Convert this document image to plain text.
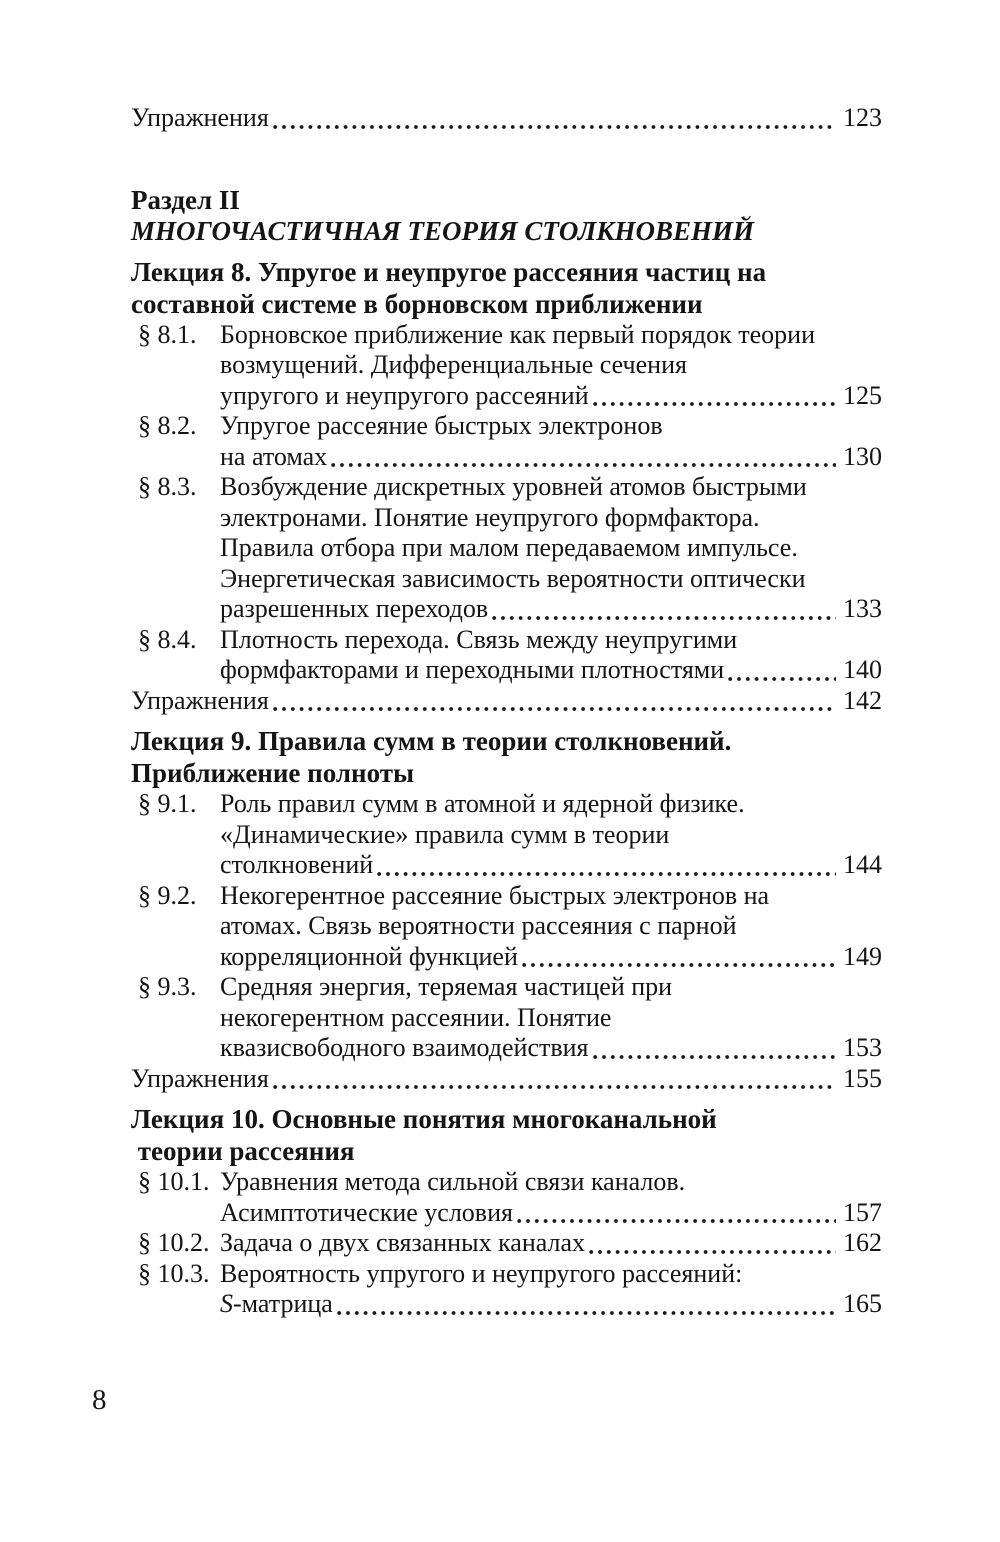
Упражнения	123
Раздел II
МНОГОЧАСТИЧНАЯ ТЕОРИЯ СТОЛКНОВЕНИЙ
Лекция 8. Упругое и неупругое рассеяния частиц на
составной системе в борновском приближении
§ 8.1. Борновское приближение как первый порядок теории
возмущений. Дифференциальные сечения
упругого и неупругого рассеяний	125
§ 8.2. Упругое рассеяние быстрых электронов
на атомах	130
§ 8.3. Возбуждение дискретных уровней атомов быстрыми
электронами. Понятие неупругого формфактора.
Правила отбора при малом передаваемом импульсе.
Энергетическая зависимость вероятности оптически
разрешенных переходов	133
§ 8.4. Плотность перехода. Связь между неупругими
формфакторами и переходными плотностями	140
Упражнения	142
Лекция 9. Правила сумм в теории столкновений.
Приближение полноты
§ 9.1. Роль правил сумм в атомной и ядерной физике.
«Динамические» правила сумм в теории
столкновений	144
§ 9.2. Некогерентное рассеяние быстрых электронов на
атомах. Связь вероятности рассеяния с парной
корреляционной функцией	149
§ 9.3. Средняя энергия, теряемая частицей при
некогерентном рассеянии. Понятие
квазисвободного взаимодействия	153
Упражнения	155
Лекция 10. Основные понятия многоканальной
теории рассеяния
§ 10.1. Уравнения метода сильной связи каналов.
Асимптотические условия	157
§ 10.2. Задача о двух связанных каналах	162
§ 10.3. Вероятность упругого и неупругого рассеяний:
S-матрица	165
8
